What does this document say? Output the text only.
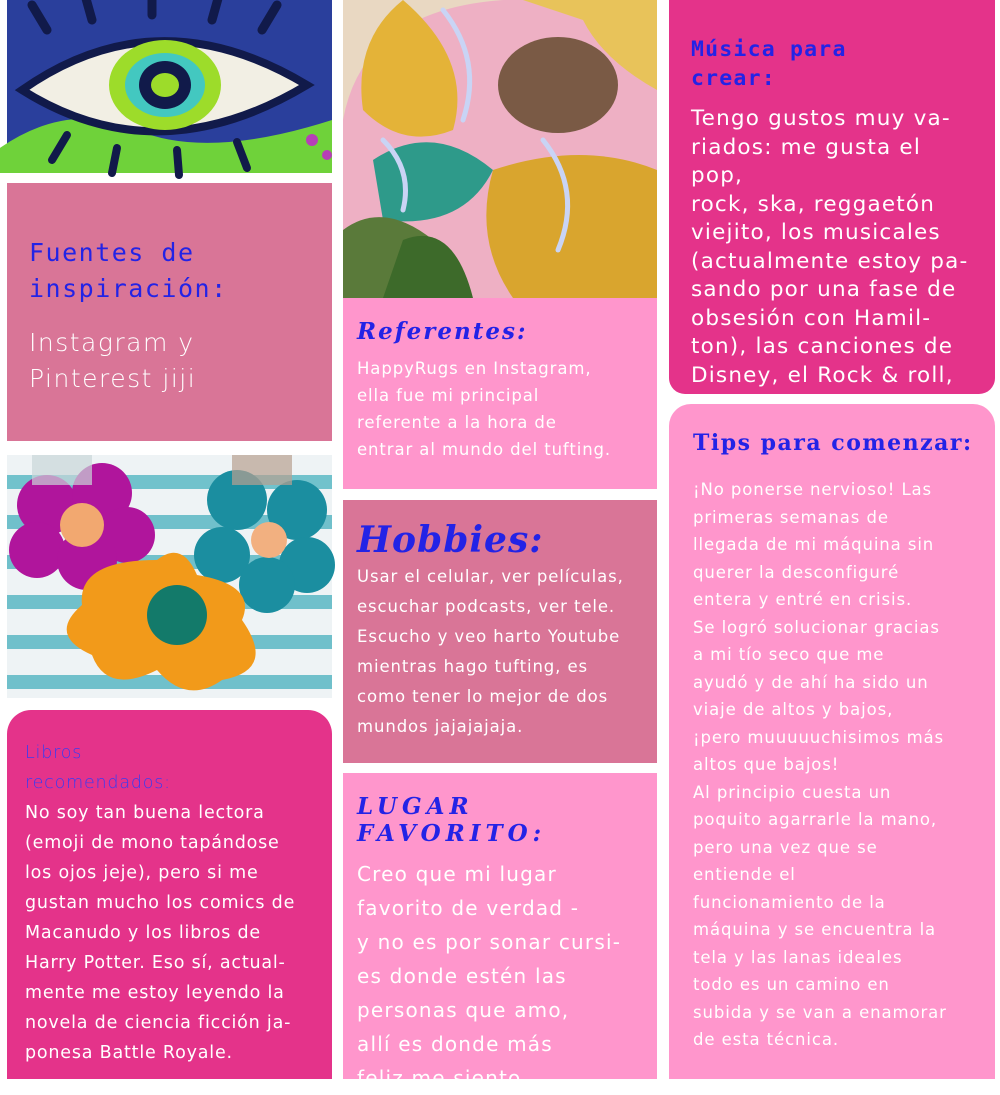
Fuentes de
inspiración:

Instagram y
Pinterest jiji

Libros
recomendados:

No soy tan buena lectora
(emoji de mono tapándose
los ojos jeje), pero si me
gustan mucho los comics de
Macanudo y los libros de
Harry Potter. Eso sí, actual-
mente me estoy leyendo la
novela de ciencia ficción ja-
ponesa Battle Royale.

Referentes:

HappyRugs en Instagram,
ella fue mi principal
referente a la hora de
entrar al mundo del tufting.

Hobbies:

Usar el celular, ver películas,
escuchar podcasts, ver tele.
Escucho y veo harto Youtube
mientras hago tufting, es
como tener lo mejor de dos
mundos jajajajaja.

LUGAR FAVORITO:

Creo que mi lugar
favorito de verdad -
y no es por sonar cursi-
es donde estén las
personas que amo,
allí es donde más
feliz me siento.

Música para
crear:

Tengo gustos muy va-
riados: me gusta el pop,
rock, ska, reggaetón
viejito, los musicales
(actualmente estoy pa-
sando por una fase de
obsesión con Hamil-
ton), las canciones de
Disney, el Rock & roll,

Tips para comenzar:

¡No ponerse nervioso! Las
primeras semanas de
llegada de mi máquina sin
querer la desconfiguré
entera y entré en crisis.
Se logró solucionar gracias
a mi tío seco que me
ayudó y de ahí ha sido un
viaje de altos y bajos,
¡pero muuuuuchisimos más
altos que bajos!
Al principio cuesta un
poquito agarrarle la mano,
pero una vez que se
entiende el
funcionamiento de la
máquina y se encuentra la
tela y las lanas ideales
todo es un camino en
subida y se van a enamorar
de esta técnica.
